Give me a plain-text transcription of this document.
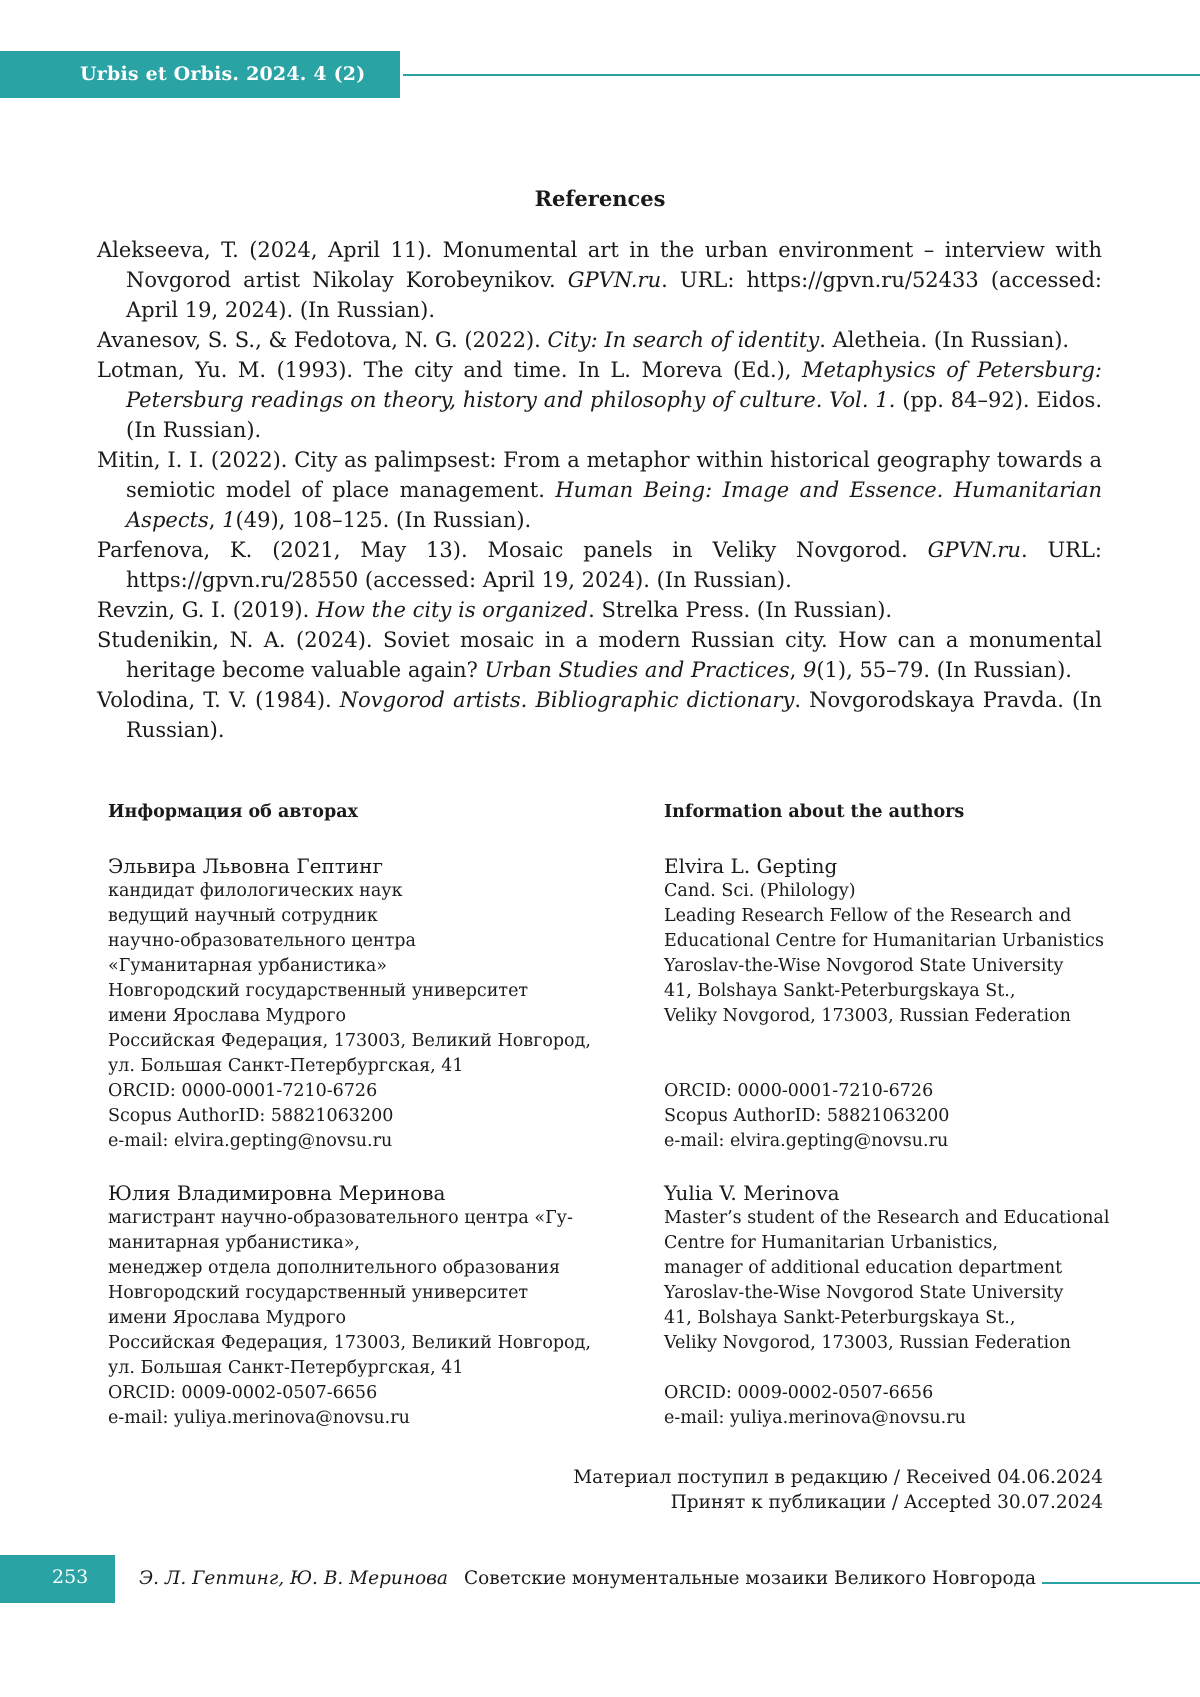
Urbis et Orbis. 2024. 4 (2)
References

Alekseeva, T. (2024, April 11). Monumental art in the urban environment – interview with Novgorod artist Nikolay Korobeynikov. GPVN.ru. URL: https://gpvn.ru/52433 (accessed: April 19, 2024). (In Russian).

Avanesov, S. S., & Fedotova, N. G. (2022). City: In search of identity. Aletheia. (In Russian).

Lotman, Yu. M. (1993). The city and time. In L. Moreva (Ed.), Metaphysics of Petersburg: Petersburg readings on theory, history and philosophy of culture. Vol. 1. (pp. 84–92). Eidos. (In Russian).

Mitin, I. I. (2022). City as palimpsest: From a metaphor within historical geography towards a semiotic model of place management. Human Being: Image and Essence. Humanitarian Aspects, 1(49), 108–125. (In Russian).

Parfenova, K. (2021, May 13). Mosaic panels in Veliky Novgorod. GPVN.ru. URL: https://gpvn.ru/28550 (accessed: April 19, 2024). (In Russian).

Revzin, G. I. (2019). How the city is organized. Strelka Press. (In Russian).

Studenikin, N. A. (2024). Soviet mosaic in a modern Russian city. How can a monumental heritage become valuable again? Urban Studies and Practices, 9(1), 55–79. (In Russian).

Volodina, T. V. (1984). Novgorod artists. Bibliographic dictionary. Novgorodskaya Pravda. (In Russian).

Информация об авторах
Эльвира Львовна Гептинг
кандидат филологических наук
ведущий научный сотрудник
научно-образовательного центра
«Гуманитарная урбанистика»
Новгородский государственный университет
имени Ярослава Мудрого
Российская Федерация, 173003, Великий Новгород,
ул. Большая Санкт-Петербургская, 41
ORCID: 0000-0001-7210-6726
Scopus AuthorID: 58821063200
e-mail: elvira.gepting@novsu.ru
Information about the authors
Elvira L. Gepting
Cand. Sci. (Philology)
Leading Research Fellow of the Research and
Educational Centre for Humanitarian Urbanistics
Yaroslav-the-Wise Novgorod State University
41, Bolshaya Sankt-Peterburgskaya St.,
Veliky Novgorod, 173003, Russian Federation
ORCID: 0000-0001-7210-6726
Scopus AuthorID: 58821063200
e-mail: elvira.gepting@novsu.ru
Юлия Владимировна Меринова
магистрант научно-образовательного центра «Гу-
манитарная урбанистика»,
менеджер отдела дополнительного образования
Новгородский государственный университет
имени Ярослава Мудрого
Российская Федерация, 173003, Великий Новгород,
ул. Большая Санкт-Петербургская, 41
ORCID: 0009-0002-0507-6656
e-mail: yuliya.merinova@novsu.ru
Yulia V. Merinova
Master’s student of the Research and Educational
Centre for Humanitarian Urbanistics,
manager of additional education department
Yaroslav-the-Wise Novgorod State University
41, Bolshaya Sankt-Peterburgskaya St.,
Veliky Novgorod, 173003, Russian Federation
ORCID: 0009-0002-0507-6656
e-mail: yuliya.merinova@novsu.ru
Материал поступил в редакцию / Received 04.06.2024
Принят к публикации / Accepted 30.07.2024
253	Э. Л. Гептинг, Ю. В. Меринова Советские монументальные мозаики Великого Новгорода
